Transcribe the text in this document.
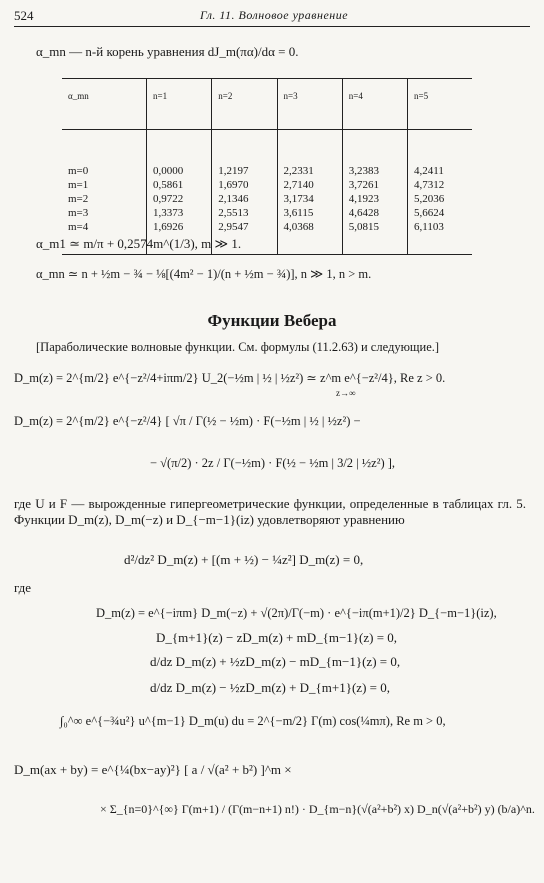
524	Гл. 11. Волновое уравнение
α_mn — n-й корень уравнения dJ_m(πα)/dα = 0.
α_mn	n=1	n=2	n=3	n=4	n=5
m=0	0,0000	1,2197	2,2331	3,2383	4,2411
m=1	0,5861	1,6970	2,7140	3,7261	4,7312
m=2	0,9722	2,1346	3,1734	4,1923	5,2036
m=3	1,3373	2,5513	3,6115	4,6428	5,6624
m=4	1,6926	2,9547	4,0368	5,0815	6,1103
α_m1 ≃ m/π + 0,2574m^(1/3), m ≫ 1.
α_mn ≃ n + ½m − ¾ − ⅛[(4m² − 1)/(n + ½m − ¾)], n ≫ 1, n > m.
Функции Вебера
[Параболические волновые функции. См. формулы (11.2.63) и следующие.]
D_m(z) = 2^{m/2} e^{−z²/4+iπm/2} U_2(−½m | ½ | ½z²) ≃ z^m e^{−z²/4}, Re z > 0.
z→∞
D_m(z) = 2^{m/2} e^{−z²/4} [ √π / Γ(½ − ½m) · F(−½m | ½ | ½z²) −
− √(π/2) · 2z / Γ(−½m) · F(½ − ½m | 3/2 | ½z²) ],
где U и F — вырожденные гипергеометрические функции, определенные в таблицах гл. 5. Функции D_m(z), D_m(−z) и D_{−m−1}(iz) удовлетворяют уравнению
d²/dz² D_m(z) + [(m + ½) − ¼z²] D_m(z) = 0,
где
D_m(z) = e^{−iπm} D_m(−z) + √(2π)/Γ(−m) · e^{−iπ(m+1)/2} D_{−m−1}(iz),
D_{m+1}(z) − zD_m(z) + mD_{m−1}(z) = 0,
d/dz D_m(z) + ½zD_m(z) − mD_{m−1}(z) = 0,
d/dz D_m(z) − ½zD_m(z) + D_{m+1}(z) = 0,
∫₀^∞ e^{−¾u²} u^{m−1} D_m(u) du = 2^{−m/2} Γ(m) cos(¼mπ), Re m > 0,
D_m(ax + by) = e^{¼(bx−ay)²} [ a / √(a² + b²) ]^m ×
× Σ_{n=0}^{∞} Γ(m+1) / (Γ(m−n+1) n!) · D_{m−n}(√(a²+b²) x) D_n(√(a²+b²) y) (b/a)^n.
